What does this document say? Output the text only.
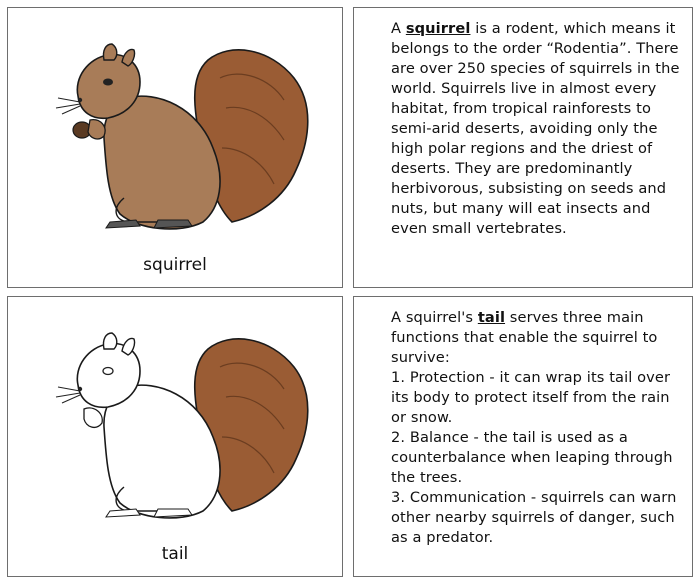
squirrel

A squirrel is a rodent, which means it belongs to the order “Rodentia”. There are over 250 species of squirrels in the world. Squirrels live in almost every habitat, from tropical rainforests to semi-arid deserts, avoiding only the high polar regions and the driest of deserts. They are predominantly herbivorous, subsisting on seeds and nuts, but many will eat insects and even small vertebrates.

tail

A squirrel's tail serves three main functions that enable the squirrel to survive:

1. Protection - it can wrap its tail over its body to protect itself from the rain or snow.

2. Balance - the tail is used as a counterbalance when leaping through the trees.

3. Communication - squirrels can warn other nearby squirrels of danger, such as a predator.
